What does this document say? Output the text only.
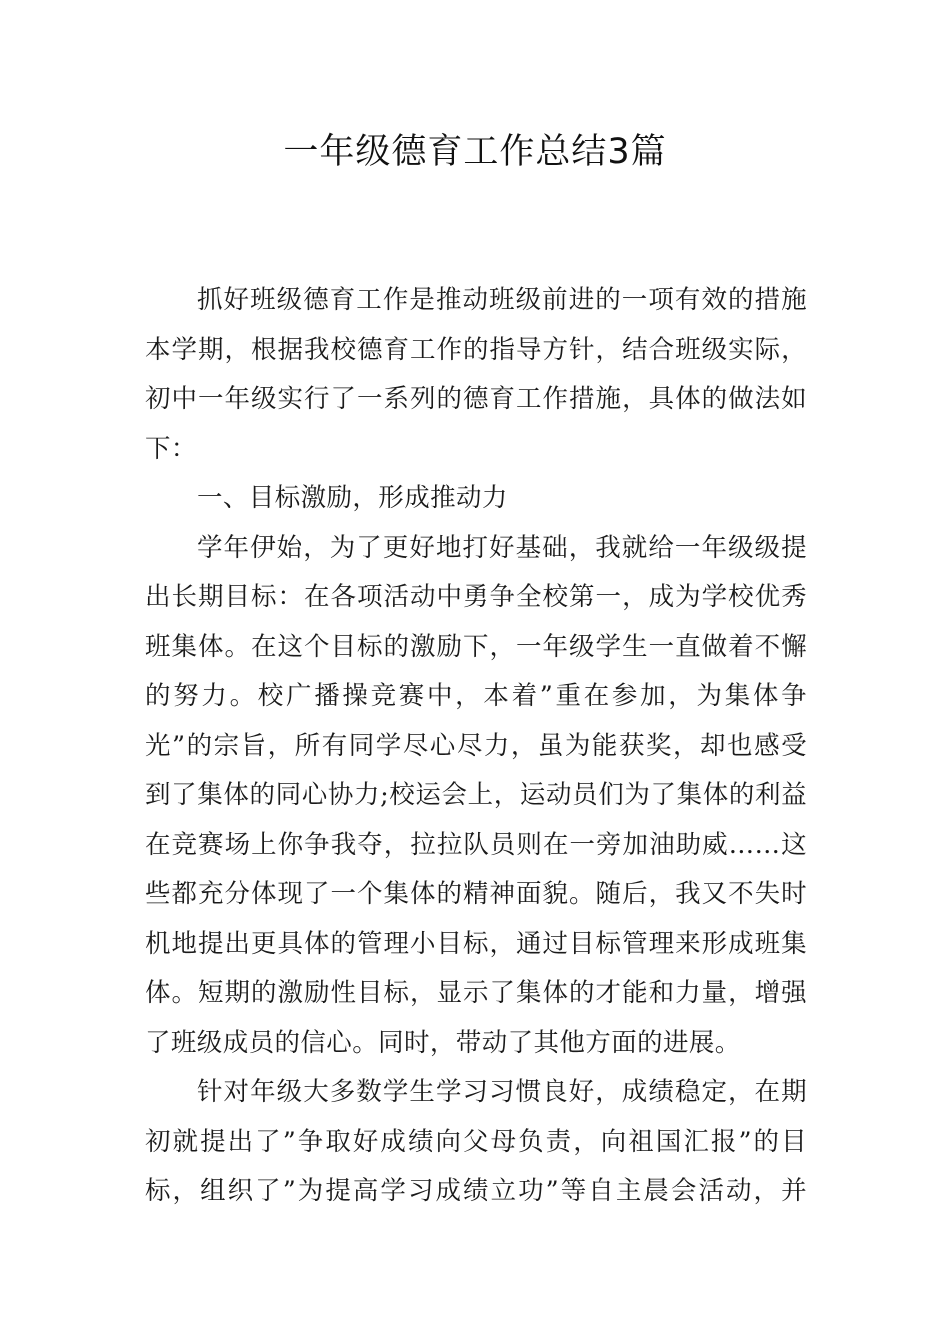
一年级德育工作总结3篇
抓好班级德育工作是推动班级前进的一项有效的措施
本学期，根据我校德育工作的指导方针，结合班级实际，
初中一年级实行了一系列的德育工作措施，具体的做法如
下：
一、目标激励，形成推动力
学年伊始，为了更好地打好基础，我就给一年级级提
出长期目标：在各项活动中勇争全校第一，成为学校优秀
班集体。在这个目标的激励下，一年级学生一直做着不懈
的努力。校广播操竞赛中，本着”重在参加，为集体争
光”的宗旨，所有同学尽心尽力，虽为能获奖，却也感受
到了集体的同心协力;校运会上，运动员们为了集体的利益
在竞赛场上你争我夺，拉拉队员则在一旁加油助威……这
些都充分体现了一个集体的精神面貌。随后，我又不失时
机地提出更具体的管理小目标，通过目标管理来形成班集
体。短期的激励性目标，显示了集体的才能和力量，增强
了班级成员的信心。同时，带动了其他方面的进展。
针对年级大多数学生学习习惯良好，成绩稳定，在期
初就提出了”争取好成绩向父母负责，向祖国汇报”的目
标，组织了”为提高学习成绩立功”等自主晨会活动，并
